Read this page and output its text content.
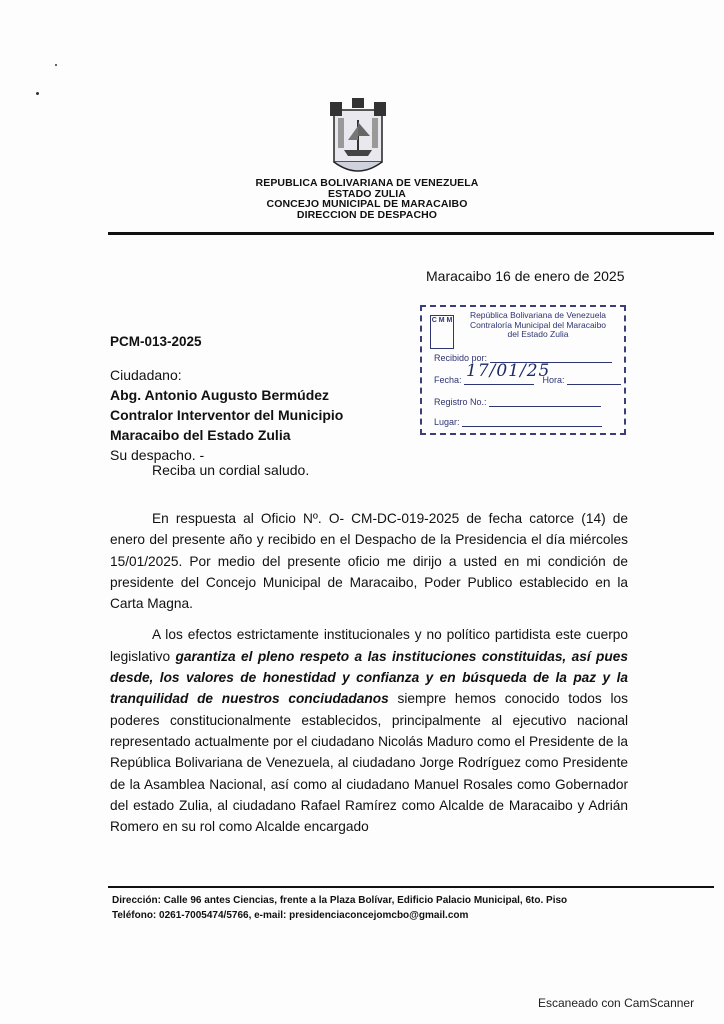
REPUBLICA BOLIVARIANA DE VENEZUELA
ESTADO ZULIA
CONCEJO MUNICIPAL DE MARACAIBO
DIRECCION DE DESPACHO
Maracaibo 16 de enero de 2025
C M M
República Bolivariana de Venezuela
Contraloría Municipal del Maracaibo
del Estado Zulia
Recibido por:
Fecha:	Hora:
17/01/25
Registro No.:
Lugar:
PCM-013-2025
Ciudadano:
Abg. Antonio Augusto Bermúdez
Contralor Interventor del Municipio
Maracaibo del Estado Zulia
Su despacho. -
Reciba un cordial saludo.

En respuesta al Oficio Nº. O- CM-DC-019-2025 de fecha catorce (14) de enero del presente año y recibido en el Despacho de la Presidencia el día miércoles 15/01/2025. Por medio del presente oficio me dirijo a usted en mi condición de presidente del Concejo Municipal de Maracaibo, Poder Publico establecido en la Carta Magna.

A los efectos estrictamente institucionales y no político partidista este cuerpo legislativo garantiza el pleno respeto a las instituciones constituidas, así pues desde, los valores de honestidad y confianza y en búsqueda de la paz y la tranquilidad de nuestros conciudadanos siempre hemos conocido todos los poderes constitucionalmente establecidos, principalmente al ejecutivo nacional representado actualmente por el ciudadano Nicolás Maduro como el Presidente de la República Bolivariana de Venezuela, al ciudadano Jorge Rodríguez como Presidente de la Asamblea Nacional, así como al ciudadano Manuel Rosales como Gobernador del estado Zulia, al ciudadano Rafael Ramírez como Alcalde de Maracaibo y Adrián Romero en su rol como Alcalde encargado

Dirección: Calle 96 antes Ciencias, frente a la Plaza Bolívar, Edificio Palacio Municipal, 6to. Piso
Teléfono: 0261-7005474/5766, e-mail: presidenciaconcejomcbo@gmail.com
Escaneado con CamScanner
